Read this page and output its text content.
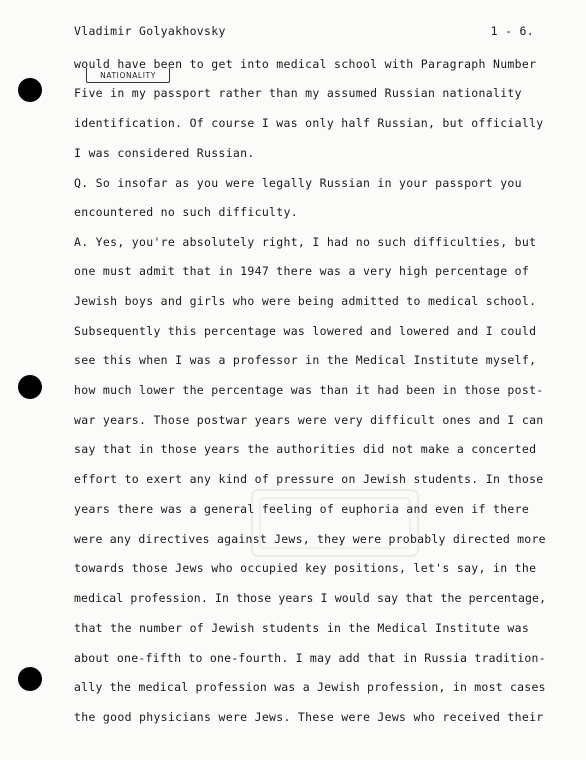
Vladimir Golyakhovsky	1 - 6.
NATIONALITY
would have been to get into medical school with Paragraph Number
Five in my passport rather than my assumed Russian nationality
identification. Of course I was only half Russian, but officially
I was considered Russian.
Q. So insofar as you were legally Russian in your passport you
encountered no such difficulty.
A. Yes, you're absolutely right, I had no such difficulties, but
one must admit that in 1947 there was a very high percentage of
Jewish boys and girls who were being admitted to medical school.
Subsequently this percentage was lowered and lowered and I could
see this when I was a professor in the Medical Institute myself,
how much lower the percentage was than it had been in those post-
war years. Those postwar years were very difficult ones and I can
say that in those years the authorities did not make a concerted
effort to exert any kind of pressure on Jewish students. In those
years there was a general feeling of euphoria and even if there
were any directives against Jews, they were probably directed more
towards those Jews who occupied key positions, let's say, in the
medical profession. In those years I would say that the percentage,
that the number of Jewish students in the Medical Institute was
about one-fifth to one-fourth. I may add that in Russia tradition-
ally the medical profession was a Jewish profession, in most cases
the good physicians were Jews. These were Jews who received their
